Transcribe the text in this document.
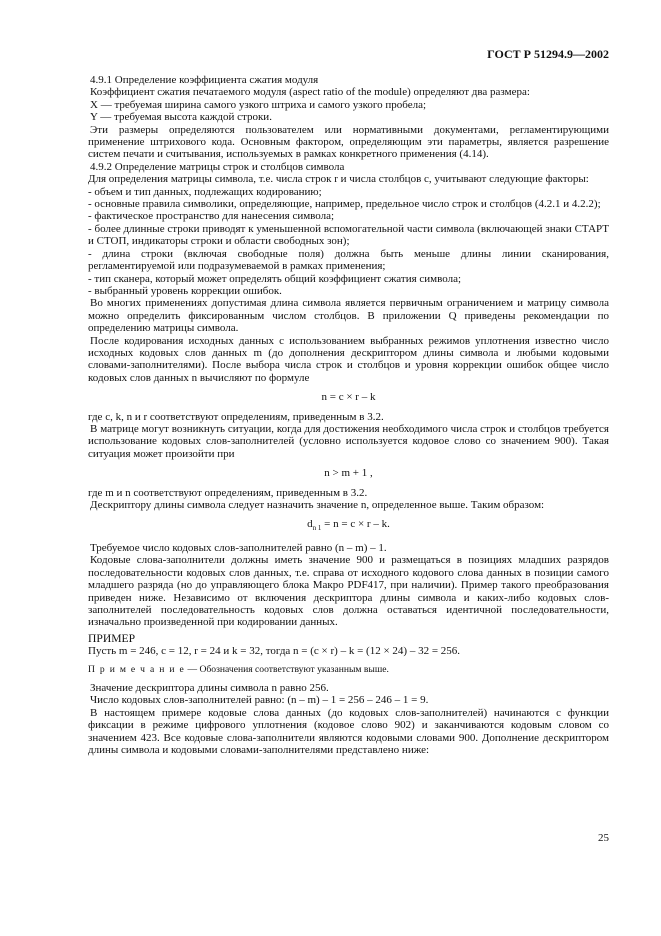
ГОСТ Р 51294.9—2002

4.9.1 Определение коэффициента сжатия модуля

Коэффициент сжатия печатаемого модуля (aspect ratio of the module) определяют два размера:

X — требуемая ширина самого узкого штриха и самого узкого пробела;

Y — требуемая высота каждой строки.

Эти размеры определяются пользователем или нормативными документами, регламентирующими применение штрихового кода. Основным фактором, определяющим эти параметры, является разрешение систем печати и считывания, используемых в рамках конкретного применения (4.14).

4.9.2 Определение матрицы строк и столбцов символа

Для определения матрицы символа, т.е. числа строк r и числа столбцов c, учитывают следующие факторы:

- объем и тип данных, подлежащих кодированию;

- основные правила символики, определяющие, например, предельное число строк и столбцов (4.2.1 и 4.2.2);

- фактическое пространство для нанесения символа;

- более длинные строки приводят к уменьшенной вспомогательной части символа (включающей знаки СТАРТ и СТОП, индикаторы строки и области свободных зон);

- длина строки (включая свободные поля) должна быть меньше длины линии сканирования, регламентируемой или подразумеваемой в рамках применения;

- тип сканера, который может определять общий коэффициент сжатия символа;

- выбранный уровень коррекции ошибок.

Во многих применениях допустимая длина символа является первичным ограничением и матрицу символа можно определить фиксированным числом столбцов. В приложении Q приведены рекомендации по определению матрицы символа.

После кодирования исходных данных с использованием выбранных режимов уплотнения известно число исходных кодовых слов данных m (до дополнения дескриптором длины символа и любыми кодовыми словами-заполнителями). После выбора числа строк и столбцов и уровня коррекции ошибок общее число кодовых слов данных n вычисляют по формуле

n = c × r – k

где c, k, n и r соответствуют определениям, приведенным в 3.2.

В матрице могут возникнуть ситуации, когда для достижения необходимого числа строк и столбцов требуется использование кодовых слов-заполнителей (условно используется кодовое слово со значением 900). Такая ситуация может произойти при

n > m + 1 ,

где m и n соответствуют определениям, приведенным в 3.2.

Дескриптору длины символа следует назначить значение n, определенное выше. Таким образом:

$d_{n 1} = n = c \times r - k$.

Требуемое число кодовых слов-заполнителей равно (n – m) – 1.

Кодовые слова-заполнители должны иметь значение 900 и размещаться в позициях младших разрядов последовательности кодовых слов данных, т.е. справа от исходного кодового слова данных в позиции самого младшего разряда (но до управляющего блока Макро PDF417, при наличии). Пример такого преобразования приведен ниже. Независимо от включения дескриптора длины символа и каких-либо кодовых слов-заполнителей последовательность кодовых слов должна оставаться идентичной последовательности, изначально произведенной при кодировании данных.

ПРИМЕР

Пусть m = 246, c = 12, r = 24 и k = 32, тогда n = (c × r) – k = (12 × 24) – 32 = 256.

П р и м е ч а н и е — Обозначения соответствуют указанным выше.

Значение дескриптора длины символа n равно 256.

Число кодовых слов-заполнителей равно: (n – m) – 1 = 256 – 246 – 1 = 9.

В настоящем примере кодовые слова данных (до кодовых слов-заполнителей) начинаются с функции фиксации в режиме цифрового уплотнения (кодовое слово 902) и заканчиваются кодовым словом со значением 423. Все кодовые слова-заполнители являются кодовыми словами 900. Дополнение дескриптором длины символа и кодовыми словами-заполнителями представлено ниже:

25
